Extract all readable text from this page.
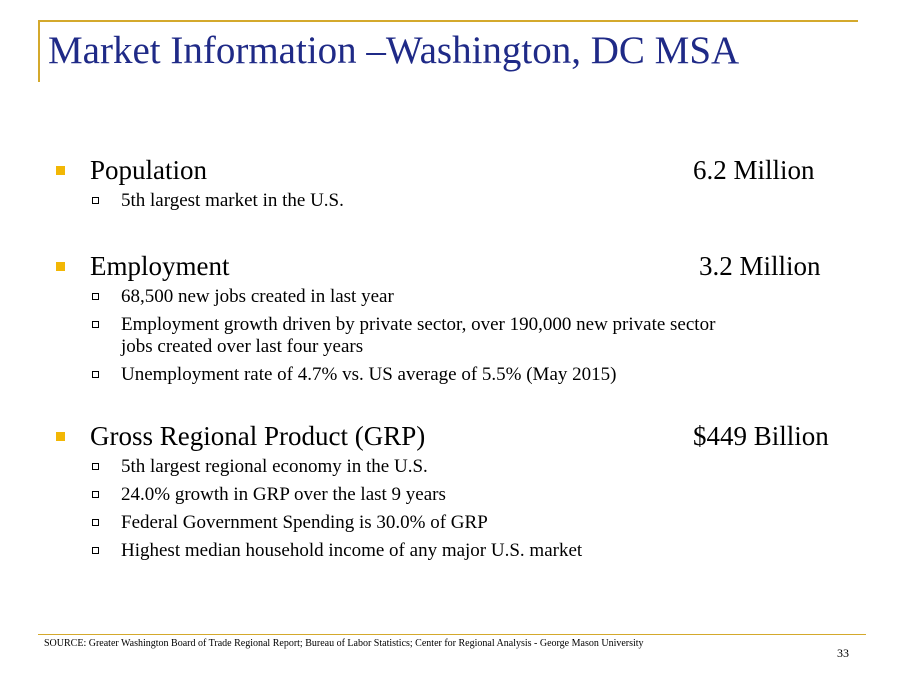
Market Information –Washington, DC MSA
Population	6.2 Million
5th largest market in the U.S.
Employment	3.2 Million
68,500 new jobs created in last year
Employment growth driven by private sector, over 190,000 new private sector jobs created over last four years
Unemployment rate of 4.7% vs. US average of 5.5% (May 2015)
Gross Regional Product (GRP)	$449 Billion
5th largest regional economy in the U.S.
24.0% growth in GRP over the last 9 years
Federal Government Spending is 30.0% of GRP
Highest median household income of any major U.S. market
SOURCE: Greater Washington Board of Trade Regional Report; Bureau of Labor Statistics; Center for Regional Analysis - George Mason University
33
